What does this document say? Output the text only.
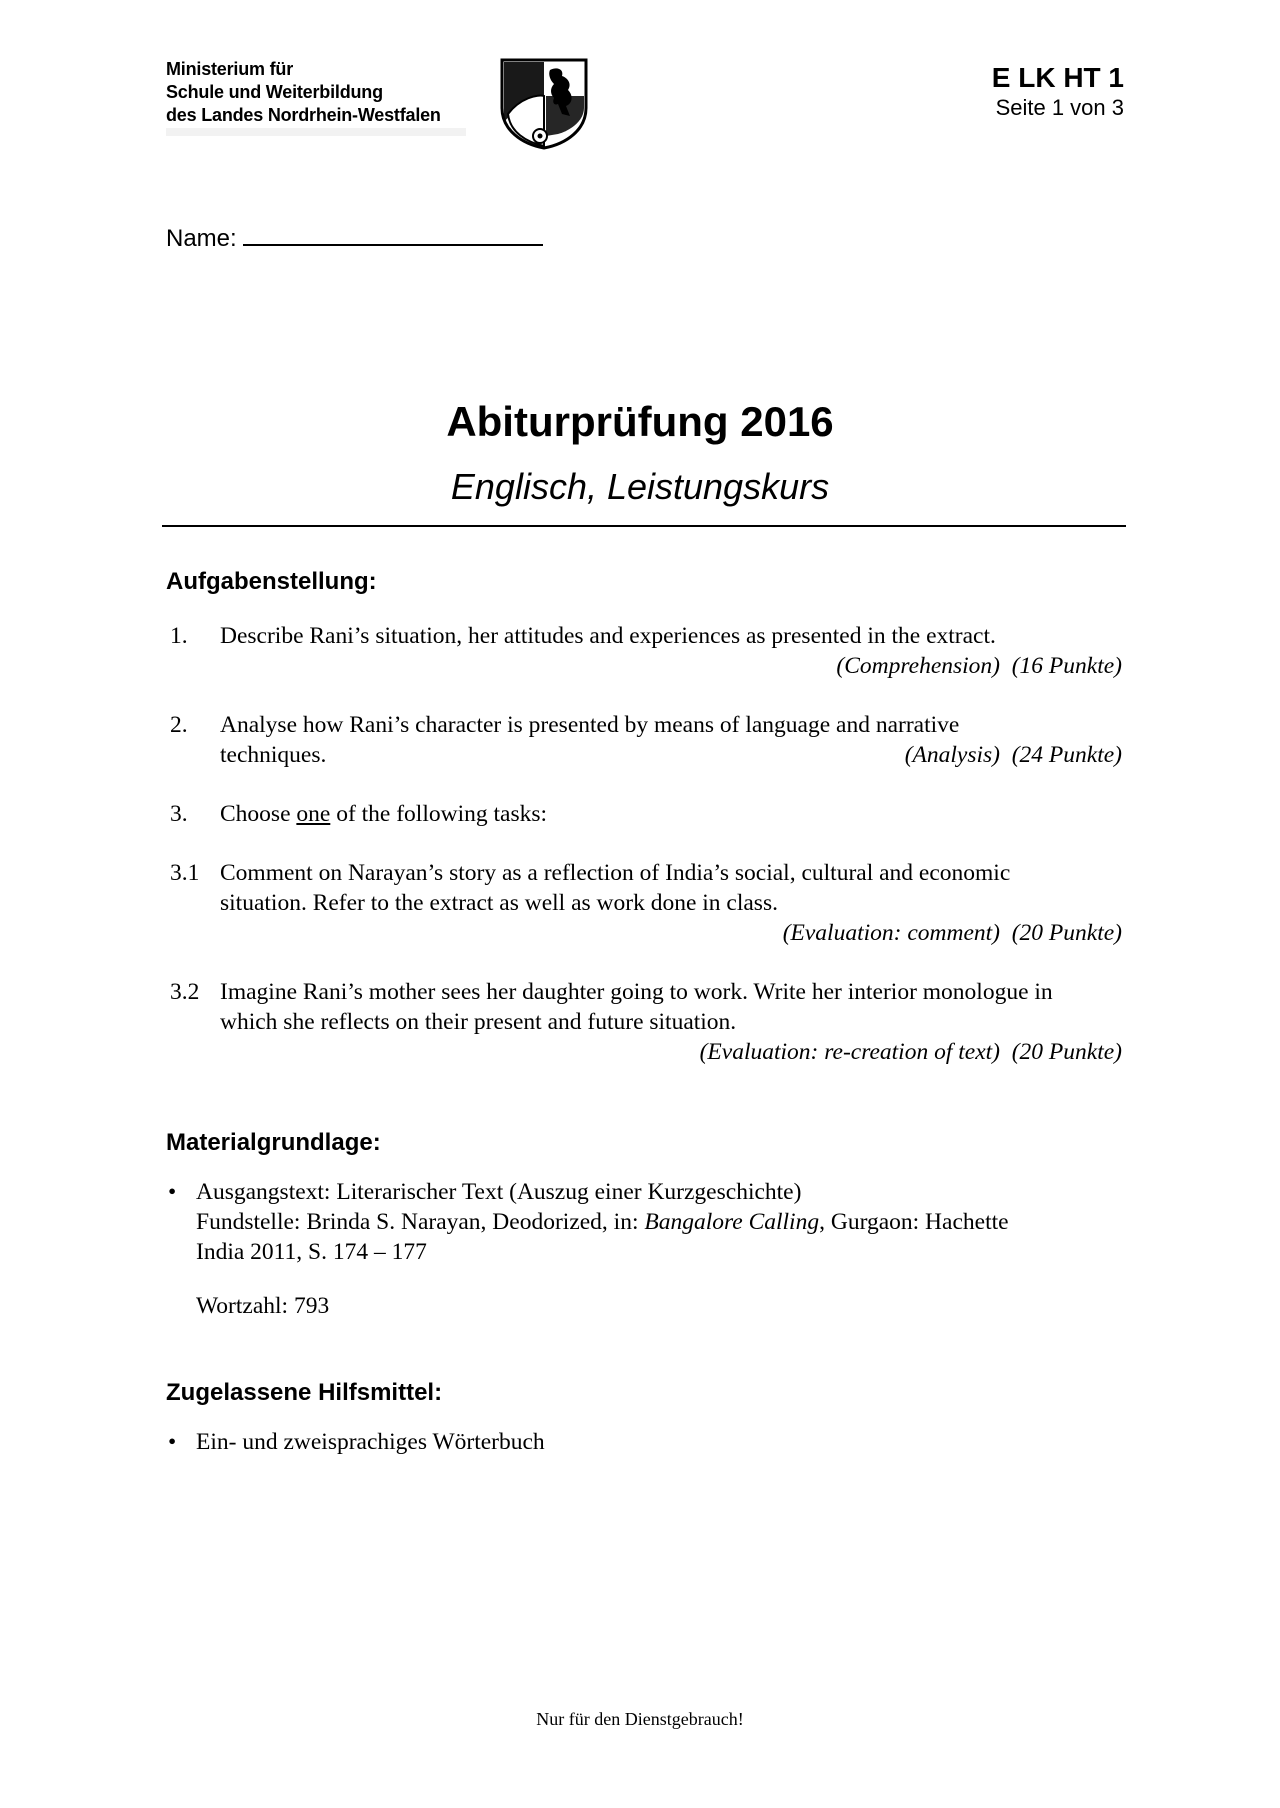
Ministerium für
Schule und Weiterbildung
des Landes Nordrhein-Westfalen
E LK HT 1
Seite 1 von 3
Name:
Abiturprüfung 2016
Englisch, Leistungskurs
Aufgabenstellung:
1. Describe Rani’s situation, her attitudes and experiences as presented in the extract.
(Comprehension) (16 Punkte)
2. Analyse how Rani’s character is presented by means of language and narrative
techniques.	(Analysis) (24 Punkte)
3. Choose one of the following tasks:
3.1 Comment on Narayan’s story as a reflection of India’s social, cultural and economic
situation. Refer to the extract as well as work done in class.
(Evaluation: comment) (20 Punkte)
3.2 Imagine Rani’s mother sees her daughter going to work. Write her interior monologue in
which she reflects on their present and future situation.
(Evaluation: re-creation of text) (20 Punkte)
Materialgrundlage:
• Ausgangstext: Literarischer Text (Auszug einer Kurzgeschichte)
Fundstelle: Brinda S. Narayan, Deodorized, in: Bangalore Calling, Gurgaon: Hachette
India 2011, S. 174 – 177
Wortzahl: 793
Zugelassene Hilfsmittel:
• Ein- und zweisprachiges Wörterbuch
Nur für den Dienstgebrauch!
